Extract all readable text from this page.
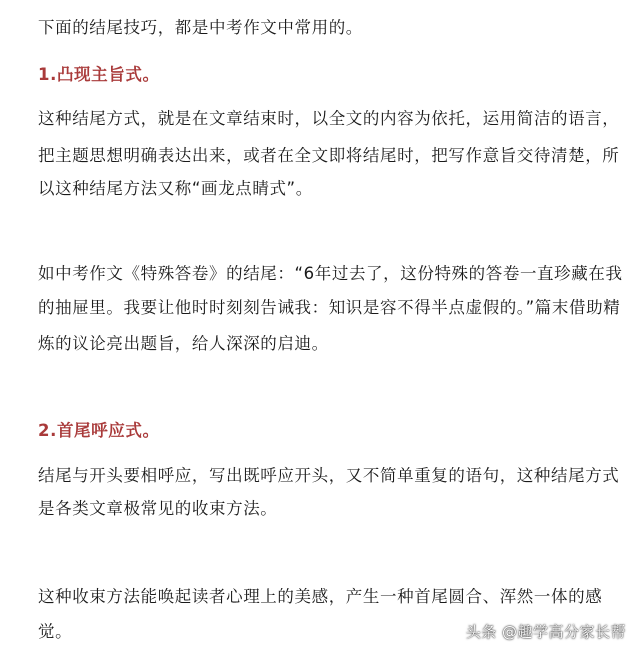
下面的结尾技巧，都是中考作文中常用的。
1.凸现主旨式。
这种结尾方式，就是在文章结束时，以全文的内容为依托，运用简洁的语言，
把主题思想明确表达出来，或者在全文即将结尾时，把写作意旨交待清楚，所
以这种结尾方法又称“画龙点睛式”。
如中考作文《特殊答卷》的结尾：“6年过去了，这份特殊的答卷一直珍藏在我
的抽屉里。我要让他时时刻刻告诫我：知识是容不得半点虚假的。”篇末借助精
炼的议论亮出题旨，给人深深的启迪。
2.首尾呼应式。
结尾与开头要相呼应，写出既呼应开头，又不简单重复的语句，这种结尾方式
是各类文章极常见的收束方法。
这种收束方法能唤起读者心理上的美感，产生一种首尾圆合、浑然一体的感
觉。	头条 @趣学高分家长帮
